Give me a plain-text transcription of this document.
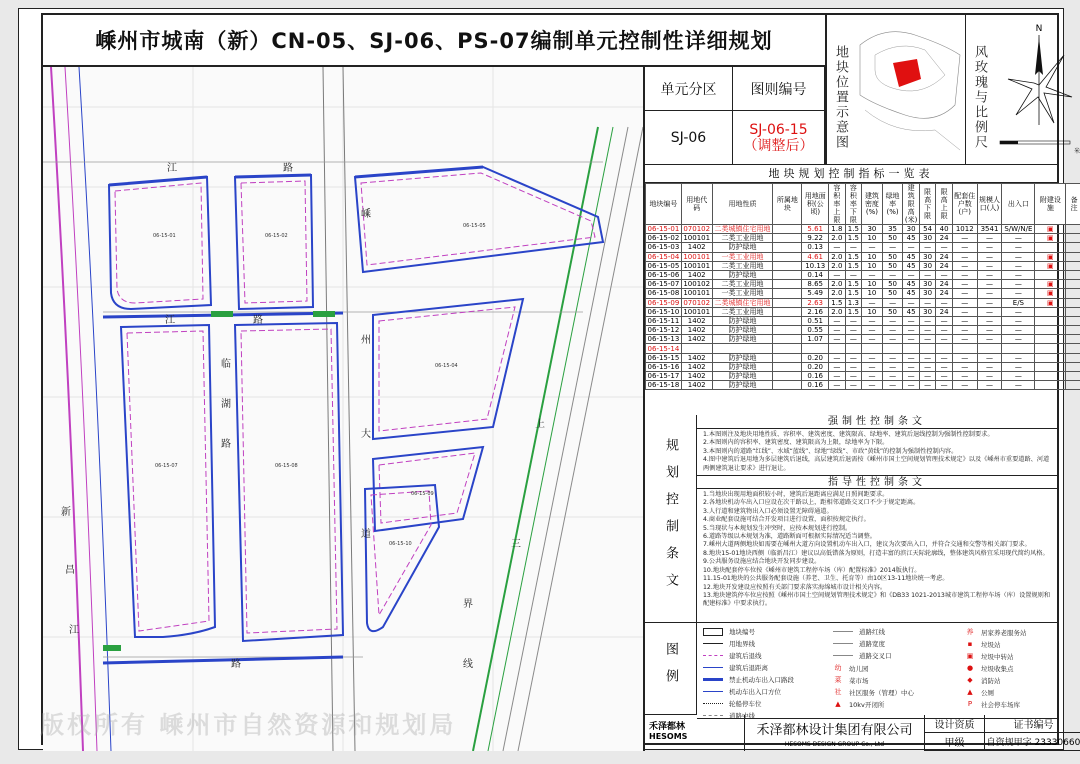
嵊州市城南（新）CN-05、SJ-06、PS-07编制单元控制性详细规划
地块位置示意图	风玫瑰与比例尺
N
米
06-15-01	06-15-02
06-15-05
06-15-07	06-15-08
06-15-04
06-15-09
06-15-10
江	路
江	路
嵊
州
大
道
临
湖
路
新
昌
江
上
三
界
路	线
单元分区	图则编号
SJ-06	SJ-06-15
（调整后）
地块规划控制指标一览表
地块编号	用地代码	用地性质	所属地块	用地面积(公顷)	容积率上限	容积率下限	建筑密度(%)	绿地率(%)	建筑限高(米)	限高下限	限高上限	配套住户数(户)	规模人口(人)	出入口	附建设施	备注
06-15-01	070102	二类城镇住宅用地		5.61	1.8	1.5	30	35	30	54	40	1012	3541	S/W/N/E	▣	
06-15-02	100101	二类工业用地		9.22	2.0	1.5	10	50	45	30	24	—	—	—	▣	
06-15-03	1402	防护绿地		0.13	—	—	—	—	—	—	—	—	—	—		
06-15-04	100101	一类工业用地		4.61	2.0	1.5	10	50	45	30	24	—	—	—	▣	
06-15-05	100101	二类工业用地		10.13	2.0	1.5	10	50	45	30	24	—	—	—	▣	
06-15-06	1402	防护绿地		0.14	—	—	—	—	—	—	—	—	—	—		
06-15-07	100102	二类工业用地		8.65	2.0	1.5	10	50	45	30	24	—	—	—	▣	
06-15-08	100101	一类工业用地		5.49	2.0	1.5	10	50	45	30	24	—	—	—	▣	
06-15-09	070102	二类城镇住宅用地		2.63	1.5	1.3	—	—	—	—	—	—	—	E/S	▣	
06-15-10	100101	二类工业用地		2.16	2.0	1.5	10	50	45	30	24	—	—	—		
06-15-11	1402	防护绿地		0.51	—	—	—	—	—	—	—	—	—	—		
06-15-12	1402	防护绿地		0.55	—	—	—	—	—	—	—	—	—	—		
06-15-13	1402	防护绿地		1.07	—	—	—	—	—	—	—	—	—	—		
06-15-14																
06-15-15	1402	防护绿地		0.20	—	—	—	—	—	—	—	—	—	—		
06-15-16	1402	防护绿地		0.20	—	—	—	—	—	—	—	—	—	—		
06-15-17	1402	防护绿地		0.16	—	—	—	—	—	—	—	—	—	—		
06-15-18	1402	防护绿地		0.16	—	—	—	—	—	—	—	—	—	—		
规划控制条文
强制性控制条文
1.本图则注及地块用地性质、容积率、建筑密度、建筑限高、绿地率、建筑后退线控制为强制性控制要求。
2.本图则内的容积率、建筑密度、建筑限高为上限，绿地率为下限。
3.本图则内的道路“红线”、水域“蓝线”、绿地“绿线”、市政“黄线”的控制为强制性控制内容。
4.图中建筑后退用地为多层建筑后退线，高层建筑后退需按《嵊州市国土空间规划管理技术规定》以及《嵊州市重要道路、河道两侧建筑退让要求》进行退让。
指导性控制条文
1.当地块出现用地面积较小时，建筑后退距离应满足日照间距要求。
2.各地块机动车出入口应设在次干路以上，距相邻道路交叉口不少于规定距离。
3.人行道和建筑物出入口必须设置无障碍通道。
4.商业配套设施可结合开发项目进行设置，面积按规定执行。
5.当现状与本规划发生冲突时，应按本规划进行控制。
6.道路等级以本规划为准，道路断面可根据实际情况适当调整。
7.嵊州大道两侧地块如需要在嵊州大道方向设置机动车出入口，建议为次要出入口，并符合交通和交警等相关部门要求。
8.地块15-01地块西侧（临新昌江）建议以高低错落为原则，打造丰富的滨江天际轮廓线，整体建筑风格宜采用现代简约风格。
9.公共服务设施应结合地块开发同步建设。
10.地块配套停车位按《嵊州市建筑工程停车场（库）配置标准》2014版执行。
11.15-01地块的公共服务配套设施（养老、卫生、托育等）由10区13-11地块统一考虑。
12.地块开发建设应按照有关部门要求落实海绵城市设计相关内容。
13.地块建筑停车位应按照《嵊州市国土空间规划管理技术规定》和《DB33 1021-2013城市建筑工程停车场（库）设置规则和配建标准》中要求执行。
图例
地块编号
用地界线
建筑后退线
建筑后退距离
禁止机动车出入口路段
机动车出入口方位
轮船停车位
道路中线
道路红线
道路宽度
道路交叉口
幼 幼儿园
菜 菜市场
社 社区服务（管理）中心
▲	10kv开闭所
养 居家养老服务站
▪	垃圾站
▣ 垃圾中转站
●	垃圾收集点
◆	消防站
▲	公厕
P	社会停车场库
禾泽都林
HESOMS	禾泽都林设计集团有限公司
HESOMS DESIGN GROUP Co., Ltd
设计资质	证书编号
甲级	自资规甲字 23330660
版权所有 嵊州市自然资源和规划局
